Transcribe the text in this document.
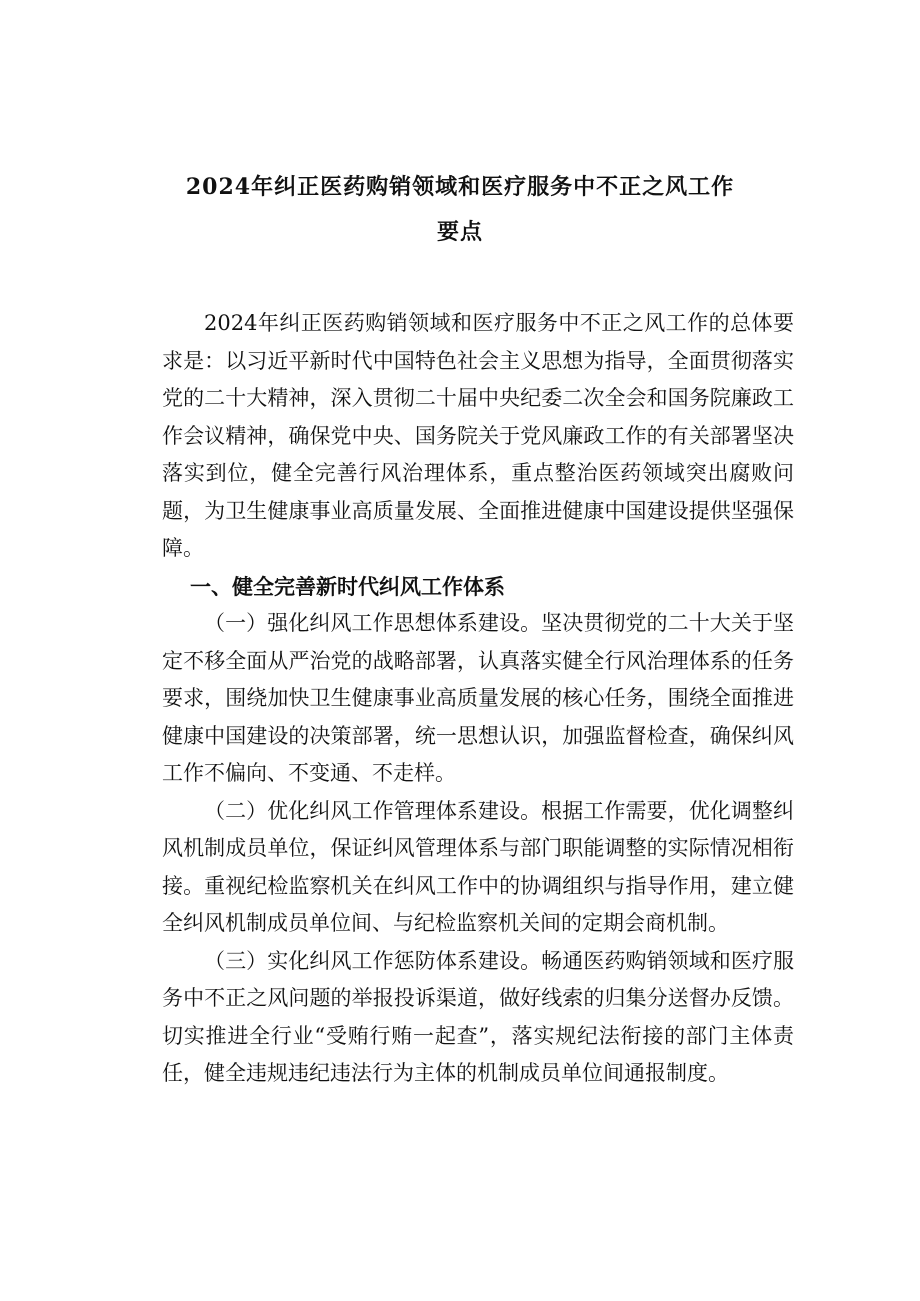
2024年纠正医药购销领域和医疗服务中不正之风工作
要点

2024年纠正医药购销领域和医疗服务中不正之风工作的总体要求是：以习近平新时代中国特色社会主义思想为指导，全面贯彻落实党的二十大精神，深入贯彻二十届中央纪委二次全会和国务院廉政工作会议精神，确保党中央、国务院关于党风廉政工作的有关部署坚决落实到位，健全完善行风治理体系，重点整治医药领域突出腐败问题，为卫生健康事业高质量发展、全面推进健康中国建设提供坚强保障。

一、健全完善新时代纠风工作体系

（一）强化纠风工作思想体系建设。坚决贯彻党的二十大关于坚定不移全面从严治党的战略部署，认真落实健全行风治理体系的任务要求，围绕加快卫生健康事业高质量发展的核心任务，围绕全面推进健康中国建设的决策部署，统一思想认识，加强监督检查，确保纠风工作不偏向、不变通、不走样。

（二）优化纠风工作管理体系建设。根据工作需要，优化调整纠风机制成员单位，保证纠风管理体系与部门职能调整的实际情况相衔接。重视纪检监察机关在纠风工作中的协调组织与指导作用，建立健全纠风机制成员单位间、与纪检监察机关间的定期会商机制。

（三）实化纠风工作惩防体系建设。畅通医药购销领域和医疗服务中不正之风问题的举报投诉渠道，做好线索的归集分送督办反馈。切实推进全行业“受贿行贿一起查”，落实规纪法衔接的部门主体责任，健全违规违纪违法行为主体的机制成员单位间通报制度。
